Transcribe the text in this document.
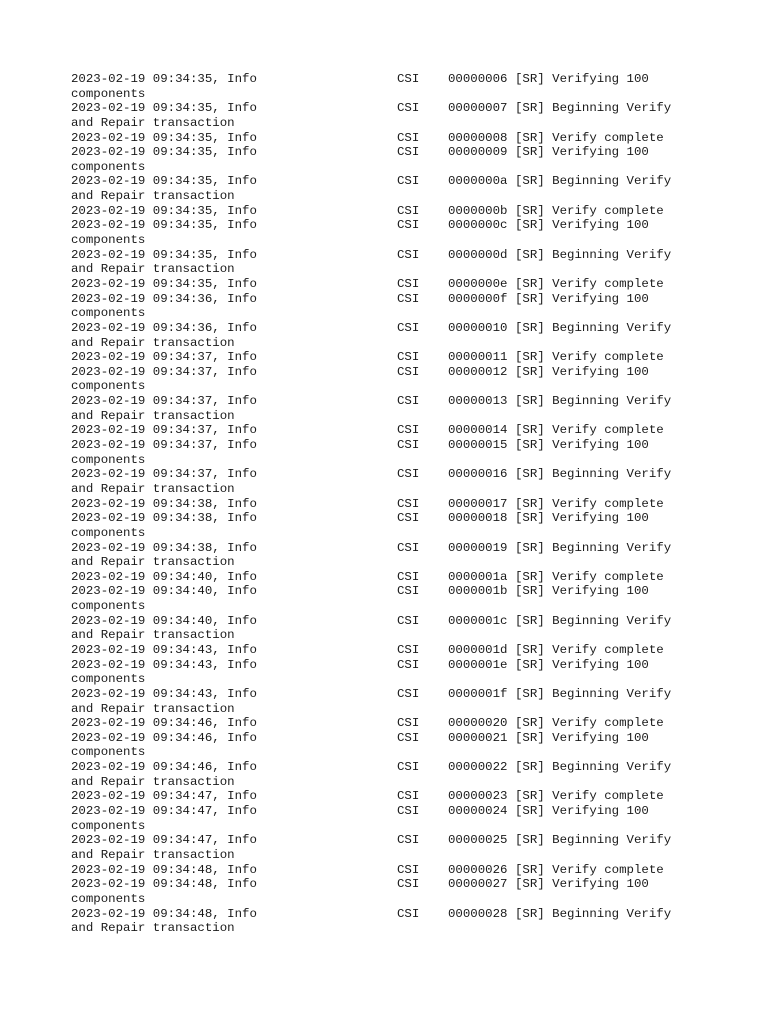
2023-02-19 09:34:35, Info	CSI 00000006 [SR] Verifying 100
components
2023-02-19 09:34:35, Info	CSI 00000007 [SR] Beginning Verify
and Repair transaction
2023-02-19 09:34:35, Info	CSI 00000008 [SR] Verify complete
2023-02-19 09:34:35, Info	CSI 00000009 [SR] Verifying 100
components
2023-02-19 09:34:35, Info	CSI 0000000a [SR] Beginning Verify
and Repair transaction
2023-02-19 09:34:35, Info	CSI 0000000b [SR] Verify complete
2023-02-19 09:34:35, Info	CSI 0000000c [SR] Verifying 100
components
2023-02-19 09:34:35, Info	CSI 0000000d [SR] Beginning Verify
and Repair transaction
2023-02-19 09:34:35, Info	CSI 0000000e [SR] Verify complete
2023-02-19 09:34:36, Info	CSI 0000000f [SR] Verifying 100
components
2023-02-19 09:34:36, Info	CSI 00000010 [SR] Beginning Verify
and Repair transaction
2023-02-19 09:34:37, Info	CSI 00000011 [SR] Verify complete
2023-02-19 09:34:37, Info	CSI 00000012 [SR] Verifying 100
components
2023-02-19 09:34:37, Info	CSI 00000013 [SR] Beginning Verify
and Repair transaction
2023-02-19 09:34:37, Info	CSI 00000014 [SR] Verify complete
2023-02-19 09:34:37, Info	CSI 00000015 [SR] Verifying 100
components
2023-02-19 09:34:37, Info	CSI 00000016 [SR] Beginning Verify
and Repair transaction
2023-02-19 09:34:38, Info	CSI 00000017 [SR] Verify complete
2023-02-19 09:34:38, Info	CSI 00000018 [SR] Verifying 100
components
2023-02-19 09:34:38, Info	CSI 00000019 [SR] Beginning Verify
and Repair transaction
2023-02-19 09:34:40, Info	CSI 0000001a [SR] Verify complete
2023-02-19 09:34:40, Info	CSI 0000001b [SR] Verifying 100
components
2023-02-19 09:34:40, Info	CSI 0000001c [SR] Beginning Verify
and Repair transaction
2023-02-19 09:34:43, Info	CSI 0000001d [SR] Verify complete
2023-02-19 09:34:43, Info	CSI 0000001e [SR] Verifying 100
components
2023-02-19 09:34:43, Info	CSI 0000001f [SR] Beginning Verify
and Repair transaction
2023-02-19 09:34:46, Info	CSI 00000020 [SR] Verify complete
2023-02-19 09:34:46, Info	CSI 00000021 [SR] Verifying 100
components
2023-02-19 09:34:46, Info	CSI 00000022 [SR] Beginning Verify
and Repair transaction
2023-02-19 09:34:47, Info	CSI 00000023 [SR] Verify complete
2023-02-19 09:34:47, Info	CSI 00000024 [SR] Verifying 100
components
2023-02-19 09:34:47, Info	CSI 00000025 [SR] Beginning Verify
and Repair transaction
2023-02-19 09:34:48, Info	CSI 00000026 [SR] Verify complete
2023-02-19 09:34:48, Info	CSI 00000027 [SR] Verifying 100
components
2023-02-19 09:34:48, Info	CSI 00000028 [SR] Beginning Verify
and Repair transaction
